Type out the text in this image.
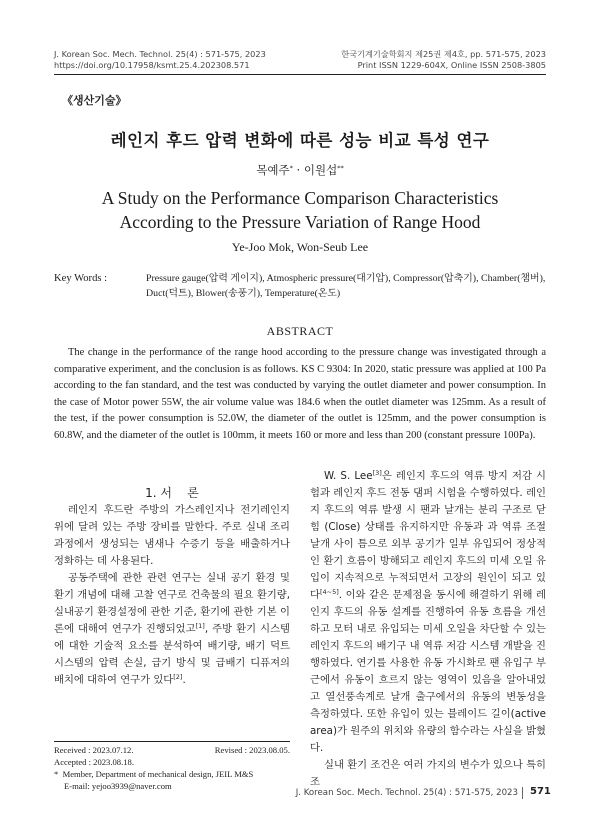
J. Korean Soc. Mech. Technol. 25(4) : 571-575, 2023
https://doi.org/10.17958/ksmt.25.4.202308.571
한국기계기술학회지 제25권 제4호, pp. 571-575, 2023
Print ISSN 1229-604X, Online ISSN 2508-3805
《생산기술》
레인지 후드 압력 변화에 따른 성능 비교 특성 연구
목예주* · 이원섭**
A Study on the Performance Comparison Characteristics
According to the Pressure Variation of Range Hood
Ye-Joo Mok, Won-Seub Lee
Key Words :	Pressure gauge(압력 게이지), Atmospheric pressure(대기압), Compressor(압축기), Chamber(챔버),
Duct(덕트), Blower(송풍기), Temperature(온도)
ABSTRACT
The change in the performance of the range hood according to the pressure change was investigated through a comparative experiment, and the conclusion is as follows. KS C 9304: In 2020, static pressure was applied at 100 Pa according to the fan standard, and the test was conducted by varying the outlet diameter and power consumption. In the case of Motor power 55W, the air volume value was 184.6 when the outlet diameter was 125mm. As a result of the test, if the power consumption is 52.0W, the diameter of the outlet is 125mm, and the power consumption is 60.8W, and the diameter of the outlet is 100mm, it meets 160 or more and less than 200 (constant pressure 100Pa).
1. 서    론

레인지 후드란 주방의 가스레인지나 전기레인지 위에 달려 있는 주방 장비를 말한다. 주로 실내 조리 과정에서 생성되는 냄새나 수증기 등을 배출하거나 정화하는 데 사용된다.

공동주택에 관한 관련 연구는 실내 공기 환경 및 환기 개념에 대해 고찰 연구로 건축물의 필요 환기량, 실내공기 환경설정에 관한 기준, 환기에 관한 기본 이론에 대해여 연구가 진행되었고[1], 주방 환기 시스템에 대한 기술적 요소를 분석하여 배기량, 배기 덕트 시스템의 압력 손실, 급기 방식 및 급배기 디퓨져의 배치에 대하여 연구가 있다[2].

Received : 2023.07.12.	Revised : 2023.08.05.
Accepted : 2023.08.18.
* Member, Department of mechanical design, JEIL M&S
E-mail: yejoo3939@naver.com

W. S. Lee[3]은 레인지 후드의 역류 방지 저감 시험과 레인지 후드 전동 댐퍼 시험을 수행하였다. 레인지 후드의 역류 발생 시 팬과 날개는 분리 구조로 닫힘 (Close) 상태를 유지하지만 유동과 과 역류 조절 날개 사이 틈으로 외부 공기가 일부 유입되어 정상적인 환기 흐름이 방해되고 레인지 후드의 미세 오일 유입이 지속적으로 누적되면서 고장의 원인이 되고 있다[4~5]. 이와 같은 문제점을 동시에 해결하기 위해 레인지 후드의 유동 설계를 진행하여 유동 흐름을 개선하고 모터 내로 유입되는 미세 오일을 차단할 수 있는 레인지 후드의 배기구 내 역류 저감 시스템 개발을 진행하였다. 연기를 사용한 유동 가시화로 팬 유입구 부근에서 유동이 흐르지 않는 영역이 있음을 알아내었고 열선풍속계로 날개 출구에서의 유동의 변동성을 측정하였다. 또한 유입이 있는 블레이드 길이(active area)가 원주의 위치와 유량의 함수라는 사실을 밝혔다.

실내 환기 조건은 여러 가지의 변수가 있으나 특히 조

J. Korean Soc. Mech. Technol. 25(4) : 571-575, 2023 571
